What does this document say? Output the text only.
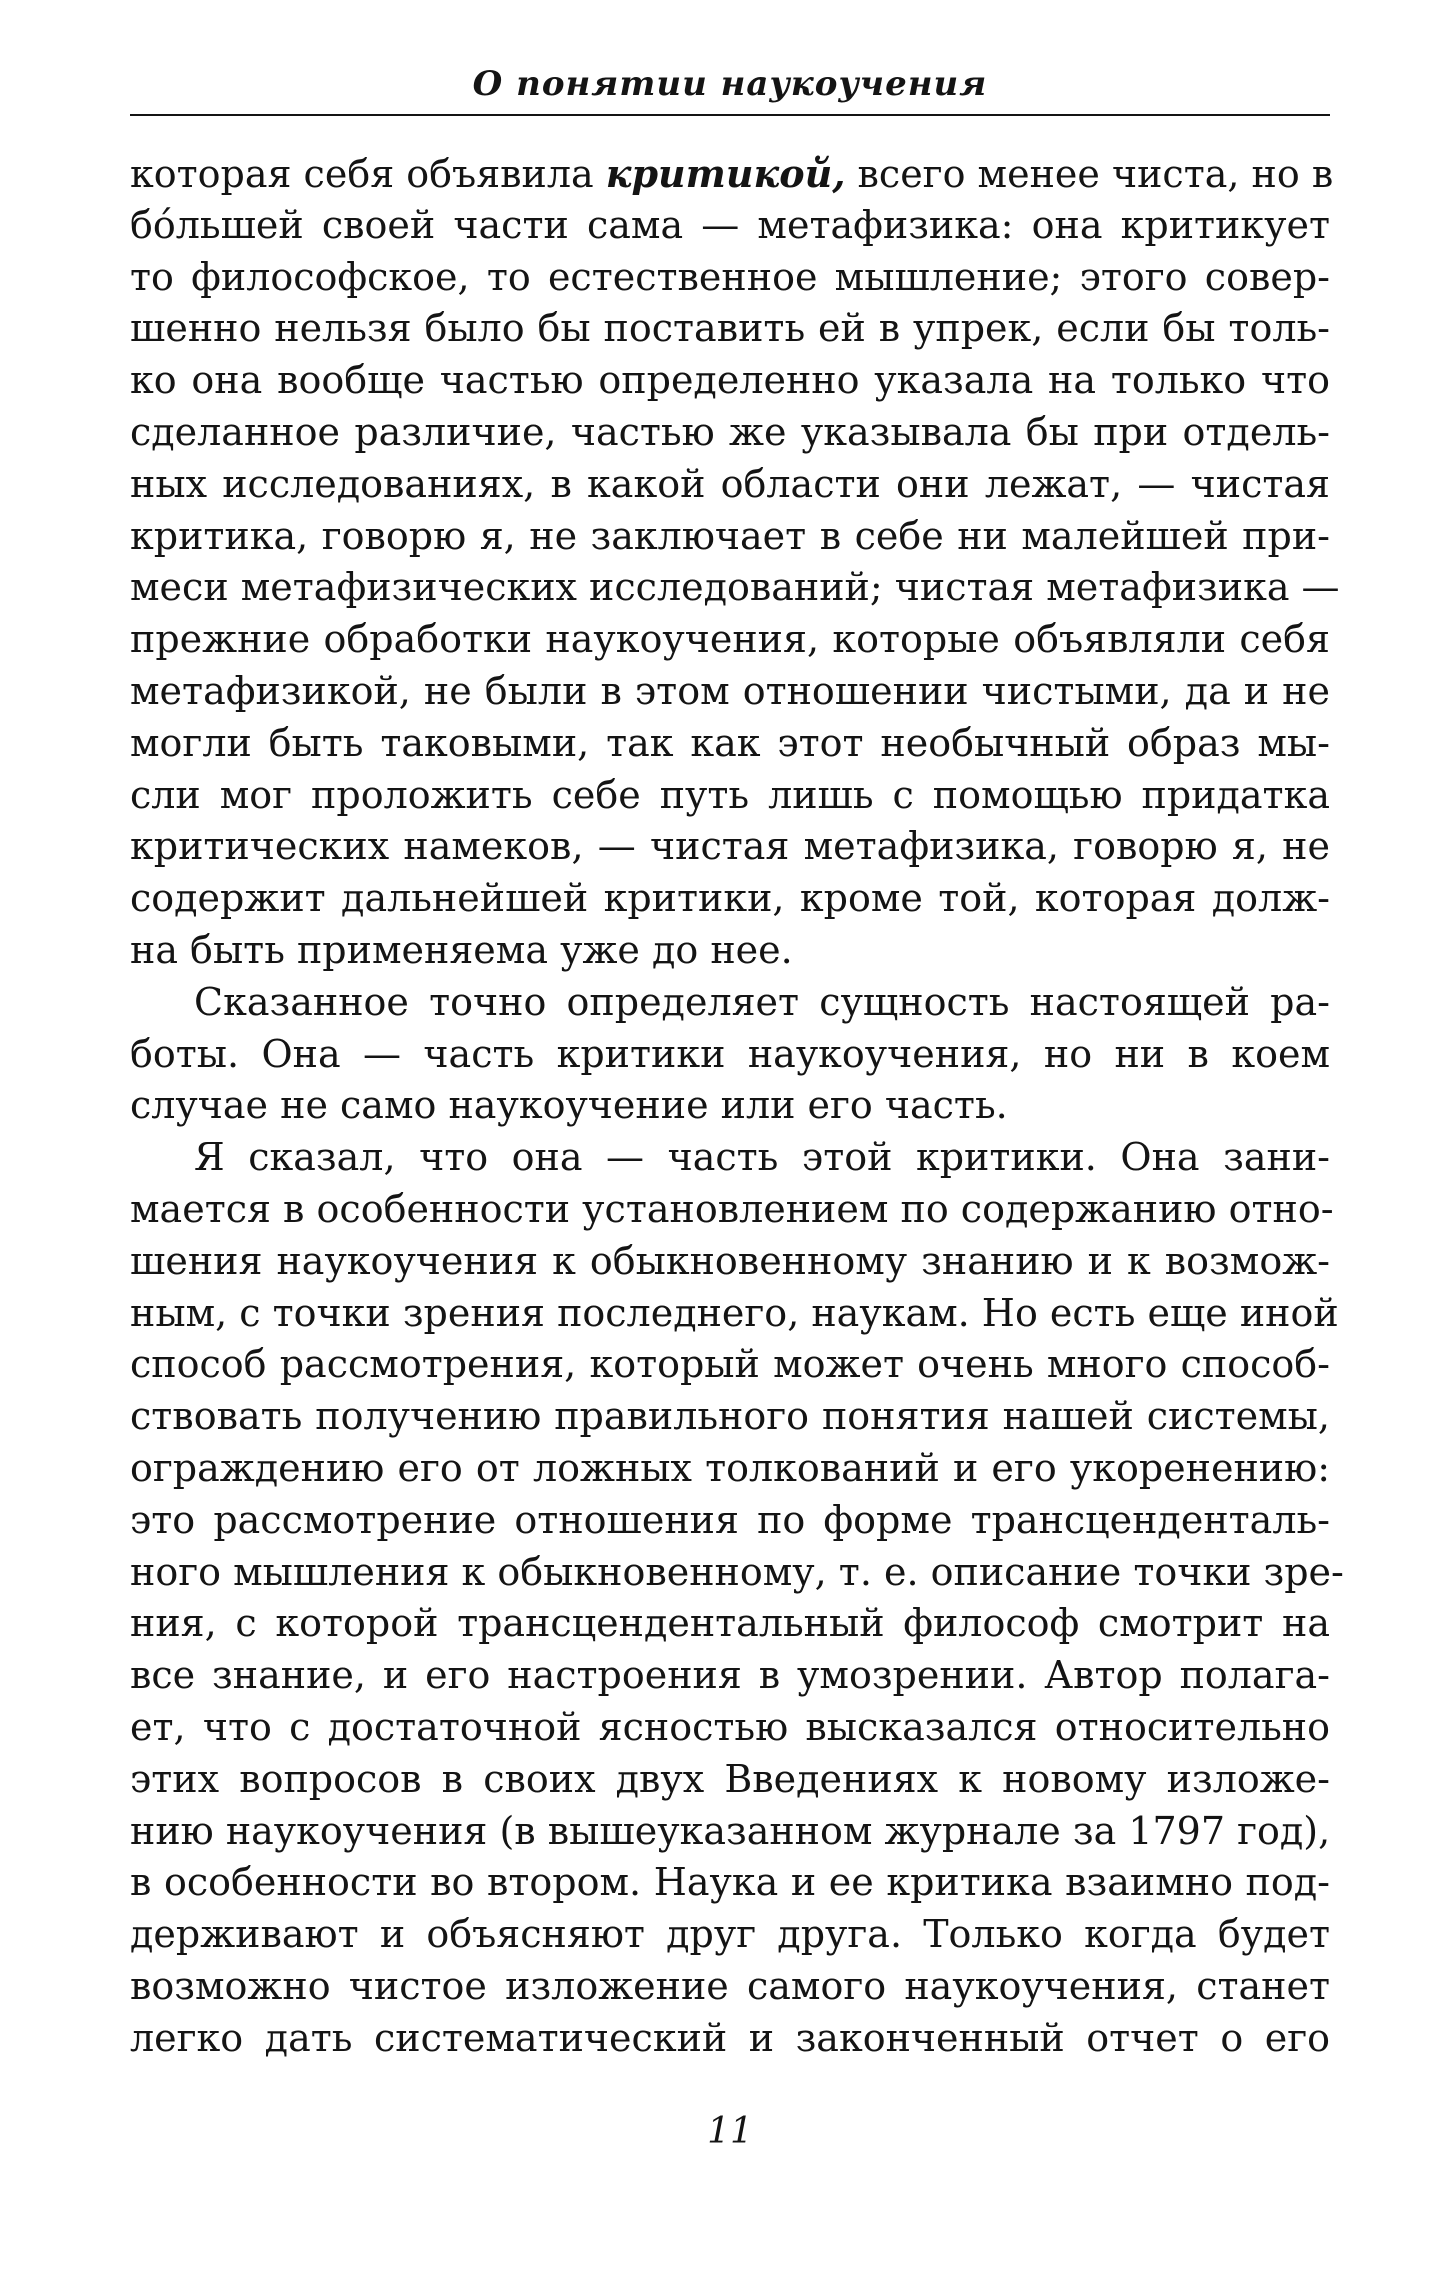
О понятии наукоучения
которая себя объявила критикой, всего менее чиста, но в
бóльшей своей части сама — метафизика: она критикует
то философское, то естественное мышление; этого совер-
шенно нельзя было бы поставить ей в упрек, если бы толь-
ко она вообще частью определенно указала на только что
сделанное различие, частью же указывала бы при отдель-
ных исследованиях, в какой области они лежат, — чистая
критика, говорю я, не заключает в себе ни малейшей при-
меси метафизических исследований; чистая метафизика —
прежние обработки наукоучения, которые объявляли себя
метафизикой, не были в этом отношении чистыми, да и не
могли быть таковыми, так как этот необычный образ мы-
сли мог проложить себе путь лишь с помощью придатка
критических намеков, — чистая метафизика, говорю я, не
содержит дальнейшей критики, кроме той, которая долж-
на быть применяема уже до нее.
Сказанное точно определяет сущность настоящей ра-
боты. Она — часть критики наукоучения, но ни в коем
случае не само наукоучение или его часть.
Я сказал, что она — часть этой критики. Она зани-
мается в особенности установлением по содержанию отно-
шения наукоучения к обыкновенному знанию и к возмож-
ным, с точки зрения последнего, наукам. Но есть еще иной
способ рассмотрения, который может очень много способ-
ствовать получению правильного понятия нашей системы,
ограждению его от ложных толкований и его укоренению:
это рассмотрение отношения по форме трансценденталь-
ного мышления к обыкновенному, т. е. описание точки зре-
ния, с которой трансцендентальный философ смотрит на
все знание, и его настроения в умозрении. Автор полага-
ет, что с достаточной ясностью высказался относительно
этих вопросов в своих двух Введениях к новому изложе-
нию наукоучения (в вышеуказанном журнале за 1797 год),
в особенности во втором. Наука и ее критика взаимно под-
держивают и объясняют друг друга. Только когда будет
возможно чистое изложение самого наукоучения, станет
легко дать систематический и законченный отчет о его
11
